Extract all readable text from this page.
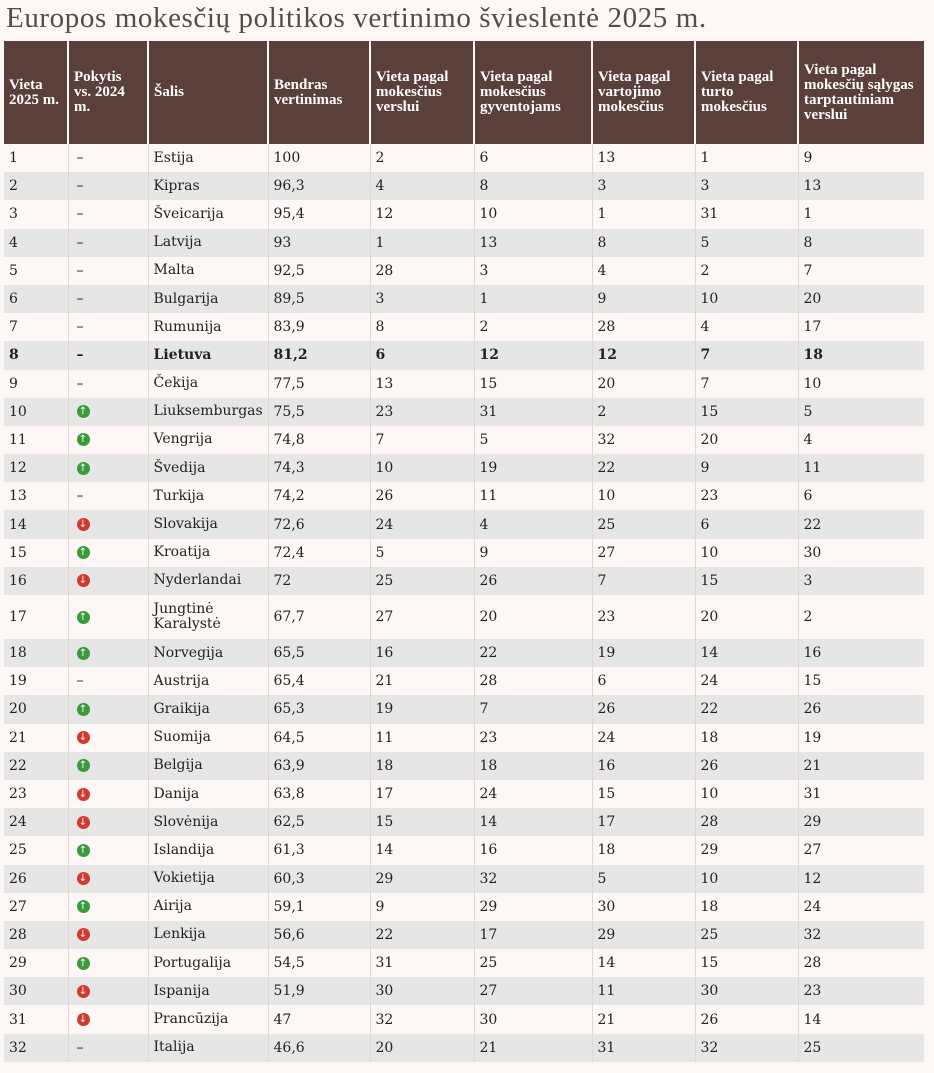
Europos mokesčių politikos vertinimo švieslentė 2025 m.
Vieta 2025 m.	Pokytis vs. 2024 m.	Šalis	Bendras vertinimas	Vieta pagal mokesčius verslui	Vieta pagal mokesčius gyventojams	Vieta pagal vartojimo mokesčius	Vieta pagal turto mokesčius	Vieta pagal mokesčių sąlygas tarptautiniam verslui
1	–	Estija	100	2	6	13	1	9
2	–	Kipras	96,3	4	8	3	3	13
3	–	Šveicarija	95,4	12	10	1	31	1
4	–	Latvija	93	1	13	8	5	8
5	–	Malta	92,5	28	3	4	2	7
6	–	Bulgarija	89,5	3	1	9	10	20
7	–	Rumunija	83,9	8	2	28	4	17
8	–	Lietuva	81,2	6	12	12	7	18
9	–	Čekija	77,5	13	15	20	7	10
10	↑	Liuksemburgas	75,5	23	31	2	15	5
11	↑	Vengrija	74,8	7	5	32	20	4
12	↑	Švedija	74,3	10	19	22	9	11
13	–	Turkija	74,2	26	11	10	23	6
14	↓	Slovakija	72,6	24	4	25	6	22
15	↑	Kroatija	72,4	5	9	27	10	30
16	↓	Nyderlandai	72	25	26	7	15	3
17	↑	Jungtinė Karalystė	67,7	27	20	23	20	2
18	↑	Norvegija	65,5	16	22	19	14	16
19	–	Austrija	65,4	21	28	6	24	15
20	↑	Graikija	65,3	19	7	26	22	26
21	↓	Suomija	64,5	11	23	24	18	19
22	↑	Belgija	63,9	18	18	16	26	21
23	↓	Danija	63,8	17	24	15	10	31
24	↓	Slovėnija	62,5	15	14	17	28	29
25	↑	Islandija	61,3	14	16	18	29	27
26	↓	Vokietija	60,3	29	32	5	10	12
27	↑	Airija	59,1	9	29	30	18	24
28	↓	Lenkija	56,6	22	17	29	25	32
29	↑	Portugalija	54,5	31	25	14	15	28
30	↓	Ispanija	51,9	30	27	11	30	23
31	↓	Prancūzija	47	32	30	21	26	14
32	–	Italija	46,6	20	21	31	32	25
